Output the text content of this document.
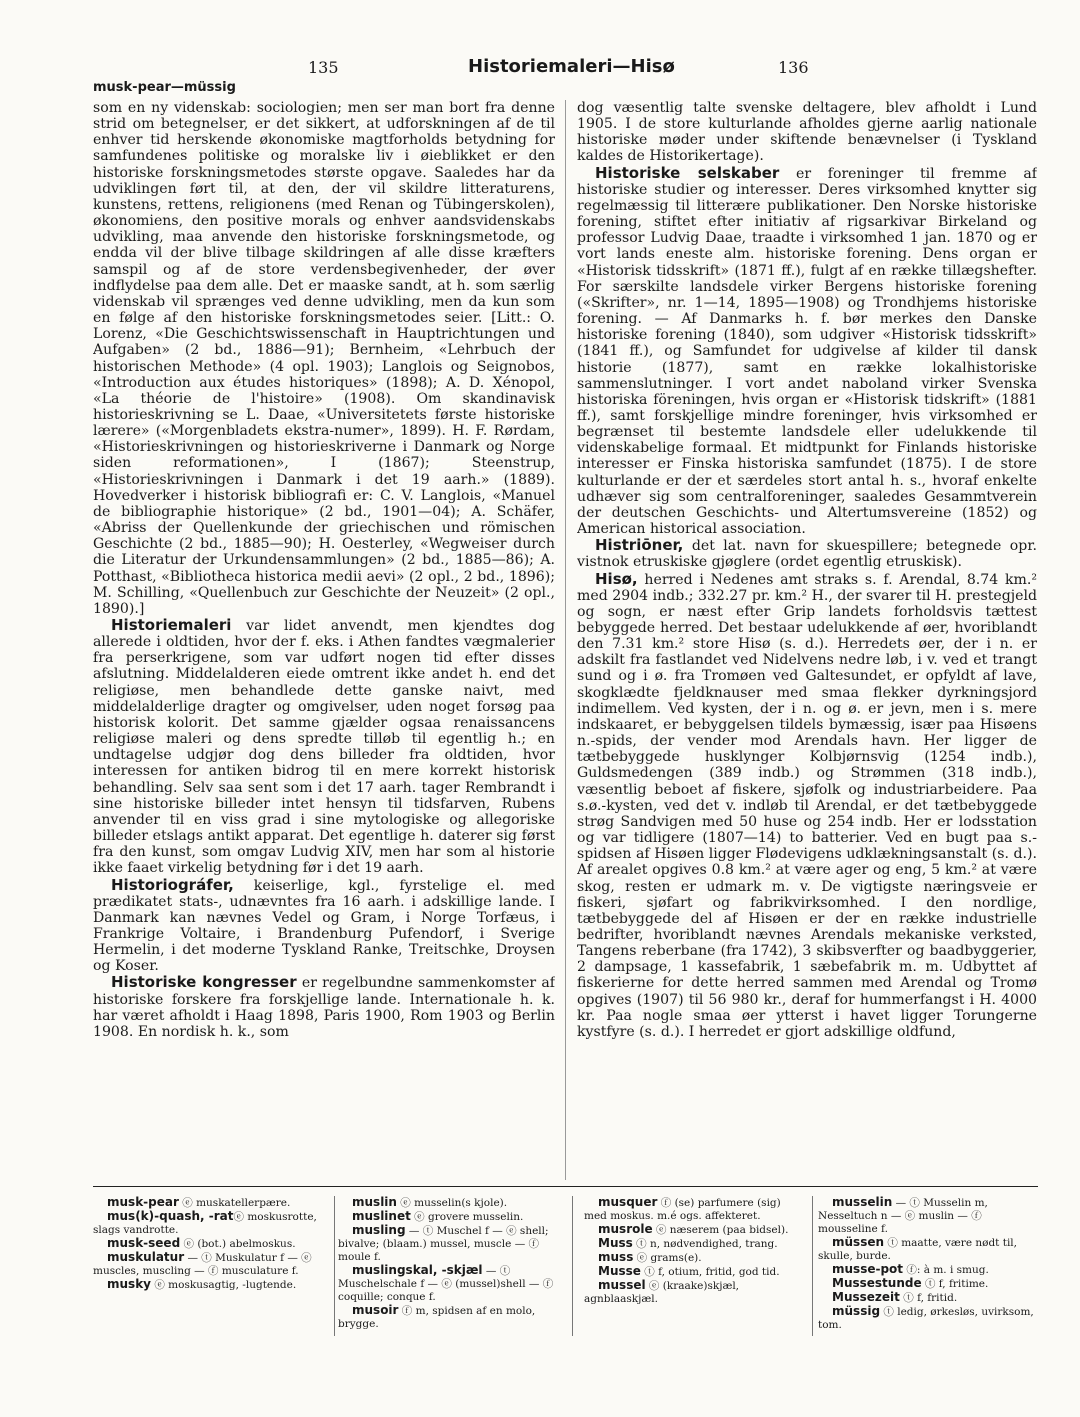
135	Historiemaleri—Hisø	136
musk-pear—müssig

som en ny videnskab: sociologien; men ser man bort fra denne strid om betegnelser, er det sikkert, at udforskningen af de til enhver tid herskende økonomiske magtforholds betydning for samfundenes politiske og moralske liv i øieblikket er den historiske forskningsmetodes største opgave. Saaledes har da udviklingen ført til, at den, der vil skildre litteraturens, kunstens, rettens, religionens (med Renan og Tübingerskolen), økonomiens, den positive morals og enhver aandsvidenskabs udvikling, maa anvende den historiske forskningsmetode, og endda vil der blive tilbage skildringen af alle disse kræfters samspil og af de store verdensbegivenheder, der øver indflydelse paa dem alle. Det er maaske sandt, at h. som særlig videnskab vil sprænges ved denne udvikling, men da kun som en følge af den historiske forskningsmetodes seier. [Litt.: O. Lorenz, «Die Geschichtswissenschaft in Hauptrichtungen und Aufgaben» (2 bd., 1886—91); Bernheim, «Lehrbuch der historischen Methode» (4 opl. 1903); Langlois og Seignobos, «Introduction aux études historiques» (1898); A. D. Xénopol, «La théorie de l'histoire» (1908). Om skandinavisk historieskrivning se L. Daae, «Universitetets første historiske lærere» («Morgenbladets ekstra-numer», 1899). H. F. Rørdam, «Historieskrivningen og historieskriverne i Danmark og Norge siden reformationen», I (1867); Steenstrup, «Historieskrivningen i Danmark i det 19 aarh.» (1889). Hovedverker i historisk bibliografi er: C. V. Langlois, «Manuel de bibliographie historique» (2 bd., 1901—04); A. Schäfer, «Abriss der Quellenkunde der griechischen und römischen Geschichte (2 bd., 1885—90); H. Oesterley, «Wegweiser durch die Literatur der Urkundensammlungen» (2 bd., 1885—86); A. Potthast, «Bibliotheca historica medii aevi» (2 opl., 2 bd., 1896); M. Schilling, «Quellenbuch zur Geschichte der Neuzeit» (2 opl., 1890).]

Historiemaleri var lidet anvendt, men kjendtes dog allerede i oldtiden, hvor der f. eks. i Athen fandtes vægmalerier fra perserkrigene, som var udført nogen tid efter disses afslutning. Middelalderen eiede omtrent ikke andet h. end det religiøse, men behandlede dette ganske naivt, med middelalderlige dragter og omgivelser, uden noget forsøg paa historisk kolorit. Det samme gjælder ogsaa renaissancens religiøse maleri og dens spredte tilløb til egentlig h.; en undtagelse udgjør dog dens billeder fra oldtiden, hvor interessen for antiken bidrog til en mere korrekt historisk behandling. Selv saa sent som i det 17 aarh. tager Rembrandt i sine historiske billeder intet hensyn til tidsfarven, Rubens anvender til en viss grad i sine mytologiske og allegoriske billeder etslags antikt apparat. Det egentlige h. daterer sig først fra den kunst, som omgav Ludvig XIV, men har som al historie ikke faaet virkelig betydning før i det 19 aarh.

Historiográfer, keiserlige, kgl., fyrstelige el. med prædikatet stats-, udnævntes fra 16 aarh. i adskillige lande. I Danmark kan nævnes Vedel og Gram, i Norge Torfæus, i Frankrige Voltaire, i Brandenburg Pufendorf, i Sverige Hermelin, i det moderne Tyskland Ranke, Treitschke, Droysen og Koser.

Historiske kongresser er regelbundne sammenkomster af historiske forskere fra forskjellige lande. Internationale h. k. har været afholdt i Haag 1898, Paris 1900, Rom 1903 og Berlin 1908. En nordisk h. k., som

dog væsentlig talte svenske deltagere, blev afholdt i Lund 1905. I de store kulturlande afholdes gjerne aarlig nationale historiske møder under skiftende benævnelser (i Tyskland kaldes de Historikertage).

Historiske selskaber er foreninger til fremme af historiske studier og interesser. Deres virksomhed knytter sig regelmæssig til litterære publikationer. Den Norske historiske forening, stiftet efter initiativ af rigsarkivar Birkeland og professor Ludvig Daae, traadte i virksomhed 1 jan. 1870 og er vort lands eneste alm. historiske forening. Dens organ er «Historisk tidsskrift» (1871 ff.), fulgt af en række tillægshefter. For særskilte landsdele virker Bergens historiske forening («Skrifter», nr. 1—14, 1895—1908) og Trondhjems historiske forening. — Af Danmarks h. f. bør merkes den Danske historiske forening (1840), som udgiver «Historisk tidsskrift» (1841 ff.), og Samfundet for udgivelse af kilder til dansk historie (1877), samt en række lokalhistoriske sammenslutninger. I vort andet naboland virker Svenska historiska föreningen, hvis organ er «Historisk tidskrift» (1881 ff.), samt forskjellige mindre foreninger, hvis virksomhed er begrænset til bestemte landsdele eller udelukkende til videnskabelige formaal. Et midtpunkt for Finlands historiske interesser er Finska historiska samfundet (1875). I de store kulturlande er der et særdeles stort antal h. s., hvoraf enkelte udhæver sig som centralforeninger, saaledes Gesammtverein der deutschen Geschichts- und Altertumsvereine (1852) og American historical association.

Histriōner, det lat. navn for skuespillere; betegnede opr. vistnok etruskiske gjøglere (ordet egentlig etruskisk).

Hisø, herred i Nedenes amt straks s. f. Arendal, 8.74 km.² med 2904 indb.; 332.27 pr. km.² H., der svarer til H. prestegjeld og sogn, er næst efter Grip landets forholdsvis tættest bebyggede herred. Det bestaar udelukkende af øer, hvoriblandt den 7.31 km.² store Hisø (s. d.). Herredets øer, der i n. er adskilt fra fastlandet ved Nidelvens nedre løb, i v. ved et trangt sund og i ø. fra Tromøen ved Galtesundet, er opfyldt af lave, skogklædte fjeldknauser med smaa flekker dyrkningsjord indimellem. Ved kysten, der i n. og ø. er jevn, men i s. mere indskaaret, er bebyggelsen tildels bymæssig, især paa Hisøens n.-spids, der vender mod Arendals havn. Her ligger de tætbebyggede husklynger Kolbjørnsvig (1254 indb.), Guldsmedengen (389 indb.) og Strømmen (318 indb.), væsentlig beboet af fiskere, sjøfolk og industriarbeidere. Paa s.ø.-kysten, ved det v. indløb til Arendal, er det tætbebyggede strøg Sandvigen med 50 huse og 254 indb. Her er lodsstation og var tidligere (1807—14) to batterier. Ved en bugt paa s.-spidsen af Hisøen ligger Flødevigens udklækningsanstalt (s. d.). Af arealet opgives 0.8 km.² at være ager og eng, 5 km.² at være skog, resten er udmark m. v. De vigtigste næringsveie er fiskeri, sjøfart og fabrikvirksomhed. I den nordlige, tætbebyggede del af Hisøen er der en række industrielle bedrifter, hvoriblandt nævnes Arendals mekaniske verksted, Tangens reberbane (fra 1742), 3 skibsverfter og baadbyggerier, 2 dampsage, 1 kassefabrik, 1 sæbefabrik m. m. Udbyttet af fiskerierne for dette herred sammen med Arendal og Tromø opgives (1907) til 56 980 kr., deraf for hummerfangst i H. 4000 kr. Paa nogle smaa øer ytterst i havet ligger Torungerne kystfyre (s. d.). I herredet er gjort adskillige oldfund,

musk-pear ⓔ muskatellerpære.

mus(k)-quash, -ratⓔ moskusrotte, slags vandrotte.

musk-seed ⓔ (bot.) abelmoskus.

muskulatur — ⓣ Muskulatur f — ⓔ muscles, muscling — ⓕ musculature f.

musky ⓔ moskusagtig, -lugtende.

muslin ⓔ musselin(s kjole).

muslinet ⓔ grovere musselin.

musling — ⓣ Muschel f — ⓔ shell; bivalve; (blaam.) mussel, muscle — ⓕ moule f.

muslingskal, -skjæl — ⓣ Muschelschale f — ⓔ (mussel)shell — ⓕ coquille; conque f.

musoir ⓕ m, spidsen af en molo, brygge.

musquer ⓕ (se) parfumere (sig) med moskus. m.é ogs. affekteret.

musrole ⓔ næserem (paa bidsel).

Muss ⓣ n, nødvendighed, trang.

muss ⓔ grams(e).

Musse ⓣ f, otium, fritid, god tid.

mussel ⓔ (kraake)skjæl, agnblaaskjæl.

musselin — ⓣ Musselin m, Nesseltuch n — ⓔ muslin — ⓕ mousseline f.

müssen ⓣ maatte, være nødt til, skulle, burde.

musse-pot ⓕ: à m. i smug.

Mussestunde ⓣ f, fritime.

Mussezeit ⓣ f, fritid.

müssig ⓣ ledig, ørkesløs, uvirksom, tom.
